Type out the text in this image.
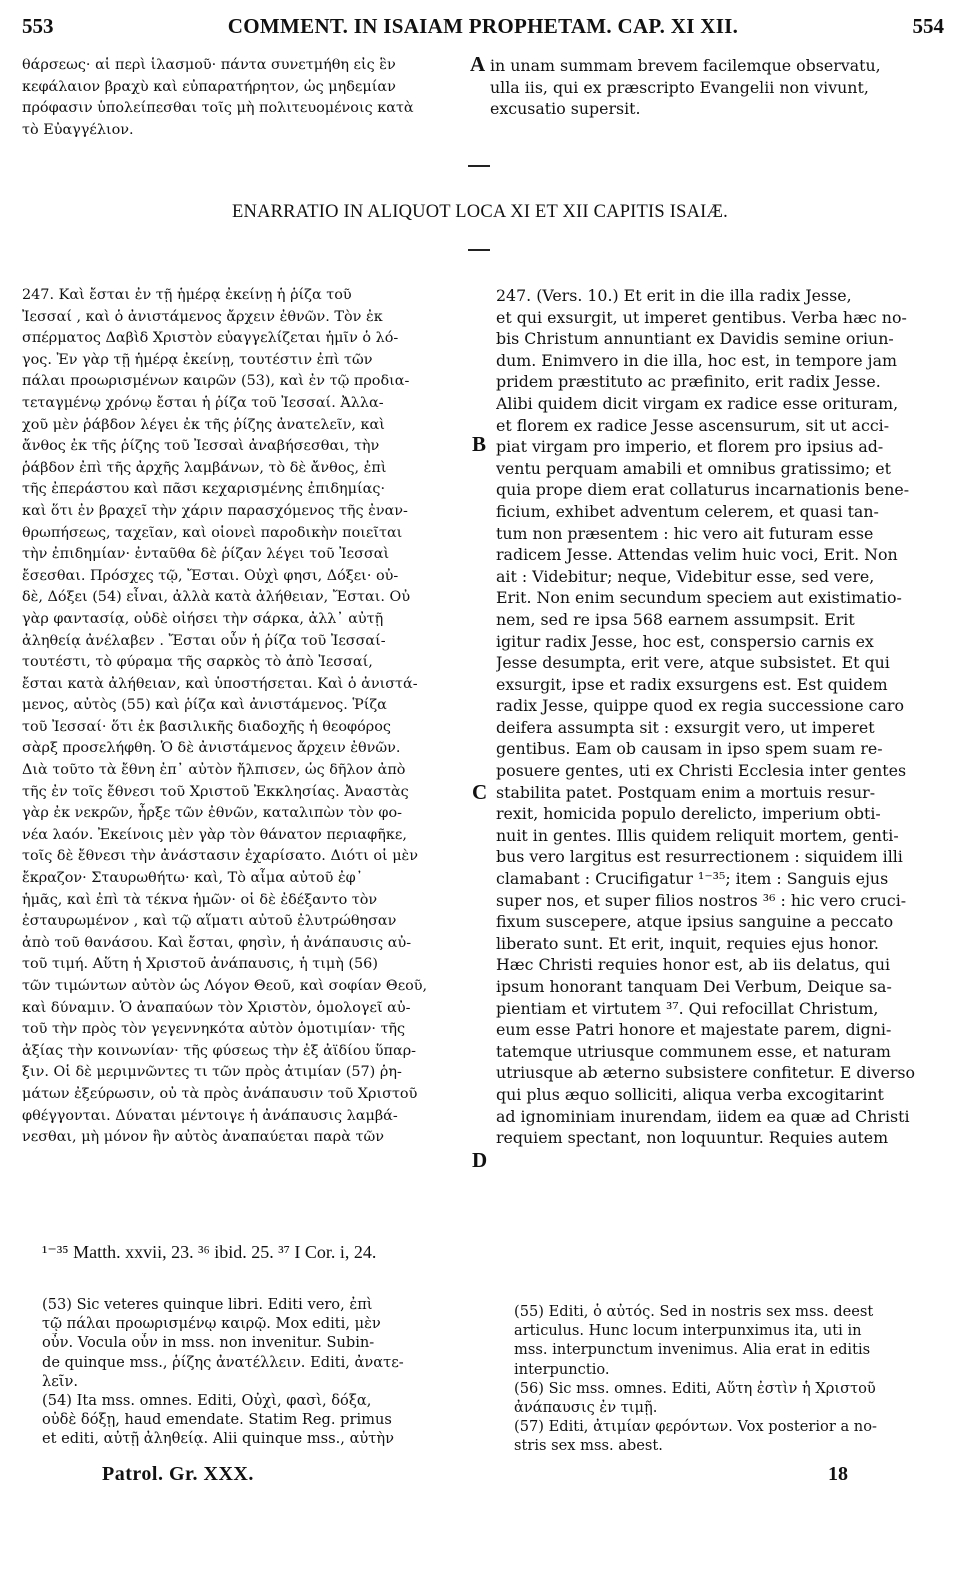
553	COMMENT. IN ISAIAM PROPHETAM. CAP. XI XII.	554
θάρσεως· αἱ περὶ ἱλασμοῦ· πάντα συνετμήθη εἰς ἓν
κεφάλαιον βραχὺ καὶ εὐπαρατήρητον, ὡς μηδεμίαν
πρόφασιν ὑπολείπεσθαι τοῖς μὴ πολιτευομένοις κατὰ
τὸ Εὐαγγέλιον.
A in unam summam brevem facilemque observatu,
ulla iis, qui ex præscripto Evangelii non vivunt,
excusatio supersit.
ENARRATIO IN ALIQUOT LOCA XI ET XII CAPITIS ISAIÆ.
247. Καὶ ἔσται ἐν τῇ ἡμέρᾳ ἐκείνῃ ἡ ῥίζα τοῦ
Ἰεσσαί , καὶ ὁ ἀνιστάμενος ἄρχειν ἐθνῶν. Τὸν ἐκ
σπέρματος Δαβὶδ Χριστὸν εὐαγγελίζεται ἡμῖν ὁ λό-
γος. Ἐν γὰρ τῇ ἡμέρᾳ ἐκείνῃ, τουτέστιν ἐπὶ τῶν
πάλαι προωρισμένων καιρῶν (53), καὶ ἐν τῷ προδια-
τεταγμένῳ χρόνῳ ἔσται ἡ ῥίζα τοῦ Ἰεσσαί. Ἀλλα-
χοῦ μὲν ῥάβδον λέγει ἐκ τῆς ῥίζης ἀνατελεῖν, καὶ
ἄνθος ἐκ τῆς ῥίζης τοῦ Ἰεσσαὶ ἀναβήσεσθαι, τὴν
ῥάβδον ἐπὶ τῆς ἀρχῆς λαμβάνων, τὸ δὲ ἄνθος, ἐπὶ
τῆς ἐπεράστου καὶ πᾶσι κεχαρισμένης ἐπιδημίας·
καὶ ὅτι ἐν βραχεῖ τὴν χάριν παρασχόμενος τῆς ἐναν-
θρωπήσεως, ταχεῖαν, καὶ οἱονεὶ παροδικὴν ποιεῖται
τὴν ἐπιδημίαν· ἐνταῦθα δὲ ῥίζαν λέγει τοῦ Ἰεσσαὶ
ἔσεσθαι. Πρόσχες τῷ, Ἔσται. Οὐχὶ φησι, Δόξει· οὐ-
δὲ, Δόξει (54) εἶναι, ἀλλὰ κατὰ ἀλήθειαν, Ἔσται. Οὐ
γὰρ φαντασίᾳ, οὐδὲ οἰήσει τὴν σάρκα, ἀλλ᾽ αὐτῇ
ἀληθείᾳ ἀνέλαβεν . Ἔσται οὖν ἡ ῥίζα τοῦ Ἰεσσαί-
τουτέστι, τὸ φύραμα τῆς σαρκὸς τὸ ἀπὸ Ἰεσσαί,
ἔσται κατὰ ἀλήθειαν, καὶ ὑποστήσεται. Καὶ ὁ ἀνιστά-
μενος, αὐτὸς (55) καὶ ῥίζα καὶ ἀνιστάμενος. Ῥίζα
τοῦ Ἰεσσαί· ὅτι ἐκ βασιλικῆς διαδοχῆς ἡ θεοφόρος
σὰρξ προσελήφθη. Ὁ δὲ ἀνιστάμενος ἄρχειν ἐθνῶν.
Διὰ τοῦτο τὰ ἔθνη ἐπ᾽ αὐτὸν ἤλπισεν, ὡς δῆλον ἀπὸ
τῆς ἐν τοῖς ἔθνεσι τοῦ Χριστοῦ Ἐκκλησίας. Ἀναστὰς
γὰρ ἐκ νεκρῶν, ἦρξε τῶν ἐθνῶν, καταλιπὼν τὸν φο-
νέα λαόν. Ἐκείνοις μὲν γὰρ τὸν θάνατον περιαφῆκε,
τοῖς δὲ ἔθνεσι τὴν ἀνάστασιν ἐχαρίσατο. Διότι οἱ μὲν
ἔκραζον· Σταυρωθήτω· καὶ, Τὸ αἷμα αὐτοῦ ἐφ᾽
ἡμᾶς, καὶ ἐπὶ τὰ τέκνα ἡμῶν· οἱ δὲ ἐδέξαντο τὸν
ἐσταυρωμένον , καὶ τῷ αἵματι αὐτοῦ ἐλυτρώθησαν
ἀπὸ τοῦ θανάσου. Καὶ ἔσται, φησὶν, ἡ ἀνάπαυσις αὐ-
τοῦ τιμή. Αὕτη ἡ Χριστοῦ ἀνάπαυσις, ἡ τιμὴ (56)
τῶν τιμώντων αὐτὸν ὡς Λόγον Θεοῦ, καὶ σοφίαν Θεοῦ,
καὶ δύναμιν. Ὁ ἀναπαύων τὸν Χριστὸν, ὁμολογεῖ αὐ-
τοῦ τὴν πρὸς τὸν γεγεννηκότα αὐτὸν ὁμοτιμίαν· τῆς
ἀξίας τὴν κοινωνίαν· τῆς φύσεως τὴν ἐξ ἀϊδίου ὕπαρ-
ξιν. Οἱ δὲ μεριμνῶντες τι τῶν πρὸς ἀτιμίαν (57) ῥη-
μάτων ἐξεύρωσιν, οὐ τὰ πρὸς ἀνάπαυσιν τοῦ Χριστοῦ
φθέγγονται. Δύναται μέντοιγε ἡ ἀνάπαυσις λαμβά-
νεσθαι, μὴ μόνον ἣν αὐτὸς ἀναπαύεται παρὰ τῶν
247. (Vers. 10.) Et erit in die illa radix Jesse,
et qui exsurgit, ut imperet gentibus. Verba hæc no-
bis Christum annuntiant ex Davidis semine oriun-
dum. Enimvero in die illa, hoc est, in tempore jam
pridem præstituto ac præfinito, erit radix Jesse.
Alibi quidem dicit virgam ex radice esse orituram,
et florem ex radice Jesse ascensurum, sit ut acci-
piat virgam pro imperio, et florem pro ipsius ad-
ventu perquam amabili et omnibus gratissimo; et
quia prope diem erat collaturus incarnationis bene-
ficium, exhibet adventum celerem, et quasi tan-
tum non præsentem : hic vero ait futuram esse
radicem Jesse. Attendas velim huic voci, Erit. Non
ait : Videbitur; neque, Videbitur esse, sed vere,
Erit. Non enim secundum speciem aut existimatio-
nem, sed re ipsa 568 earnem assumpsit. Erit
igitur radix Jesse, hoc est, conspersio carnis ex
Jesse desumpta, erit vere, atque subsistet. Et qui
exsurgit, ipse et radix exsurgens est. Est quidem
radix Jesse, quippe quod ex regia successione caro
deifera assumpta sit : exsurgit vero, ut imperet
gentibus. Eam ob causam in ipso spem suam re-
posuere gentes, uti ex Christi Ecclesia inter gentes
stabilita patet. Postquam enim a mortuis resur-
rexit, homicida populo derelicto, imperium obti-
nuit in gentes. Illis quidem reliquit mortem, genti-
bus vero largitus est resurrectionem : siquidem illi
clamabant : Crucifigatur ¹⁻³⁵; item : Sanguis ejus
super nos, et super filios nostros ³⁶ : hic vero cruci-
fixum suscepere, atque ipsius sanguine a peccato
liberato sunt. Et erit, inquit, requies ejus honor.
Hæc Christi requies honor est, ab iis delatus, qui
ipsum honorant tanquam Dei Verbum, Deique sa-
pientiam et virtutem ³⁷. Qui refocillat Christum,
eum esse Patri honore et majestate parem, digni-
tatemque utriusque communem esse, et naturam
utriusque ab æterno subsistere confitetur. E diverso
qui plus æquo solliciti, aliqua verba excogitarint
ad ignominiam inurendam, iidem ea quæ ad Christi
requiem spectant, non loquuntur. Requies autem
B
C
D
¹⁻³⁵ Matth. xxvii, 23. ³⁶ ibid. 25. ³⁷ I Cor. i, 24.
(53) Sic veteres quinque libri. Editi vero, ἐπὶ
τῷ πάλαι προωρισμένῳ καιρῷ. Mox editi, μὲν
οὖν. Vocula οὖν in mss. non invenitur. Subin-
de quinque mss., ῥίζης ἀνατέλλειν. Editi, ἀνατε-
λεῖν.
(54) Ita mss. omnes. Editi, Οὐχὶ, φασὶ, δόξα,
οὐδὲ δόξῃ, haud emendate. Statim Reg. primus
et editi, αὐτῇ ἀληθείᾳ. Alii quinque mss., αὐτὴν
(55) Editi, ὁ αὐτός. Sed in nostris sex mss. deest
articulus. Hunc locum interpunximus ita, uti in
mss. interpunctum invenimus. Alia erat in editis
interpunctio.
(56) Sic mss. omnes. Editi, Αὕτη ἐστὶν ἡ Χριστοῦ
ἀνάπαυσις ἐν τιμῇ.
(57) Editi, ἀτιμίαν φερόντων. Vox posterior a no-
stris sex mss. abest.
Patrol. Gr. XXX.	18
